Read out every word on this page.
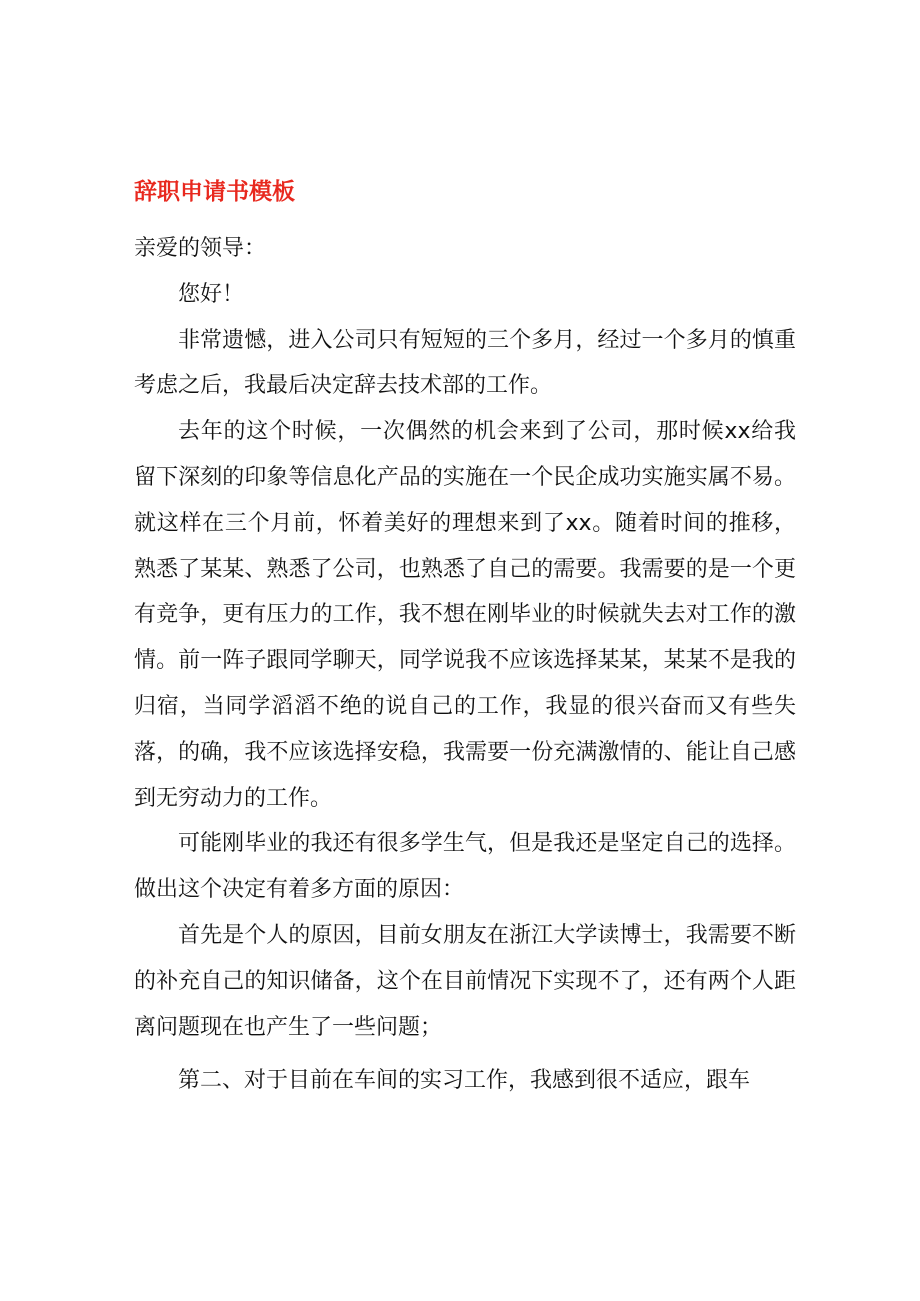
辞职申请书模板

亲爱的领导：

您好！

非常遗憾，进入公司只有短短的三个多月，经过一个多月的慎重考虑之后，我最后决定辞去技术部的工作。

去年的这个时候，一次偶然的机会来到了公司，那时候xx给我留下深刻的印象等信息化产品的实施在一个民企成功实施实属不易。就这样在三个月前，怀着美好的理想来到了xx。随着时间的推移，熟悉了某某、熟悉了公司，也熟悉了自己的需要。我需要的是一个更有竞争，更有压力的工作，我不想在刚毕业的时候就失去对工作的激情。前一阵子跟同学聊天，同学说我不应该选择某某，某某不是我的归宿，当同学滔滔不绝的说自己的工作，我显的很兴奋而又有些失落，的确，我不应该选择安稳，我需要一份充满激情的、能让自己感到无穷动力的工作。

可能刚毕业的我还有很多学生气，但是我还是坚定自己的选择。做出这个决定有着多方面的原因：

首先是个人的原因，目前女朋友在浙江大学读博士，我需要不断的补充自己的知识储备，这个在目前情况下实现不了，还有两个人距离问题现在也产生了一些问题；

第二、对于目前在车间的实习工作，我感到很不适应，跟车
